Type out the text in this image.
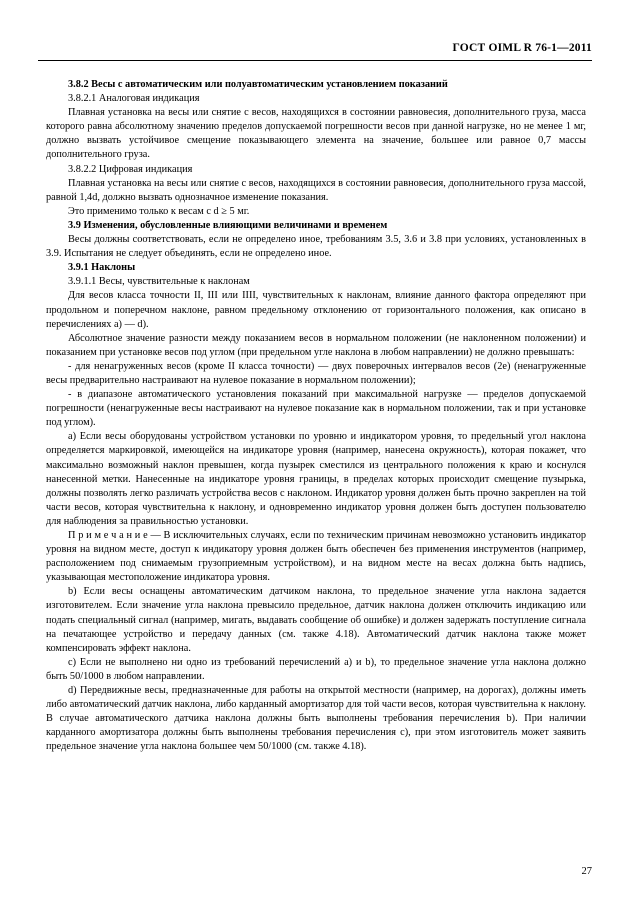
ГОСТ OIML R 76-1—2011

3.8.2 Весы с автоматическим или полуавтоматическим установлением показаний

3.8.2.1 Аналоговая индикация

Плавная установка на весы или снятие с весов, находящихся в состоянии равновесия, дополнительного груза, масса которого равна абсолютному значению пределов допускаемой погрешности весов при данной нагрузке, но не менее 1 мг, должно вызвать устойчивое смещение показывающего элемента на значение, большее или равное 0,7 массы дополнительного груза.

3.8.2.2 Цифровая индикация

Плавная установка на весы или снятие с весов, находящихся в состоянии равновесия, дополнительного груза массой, равной 1,4d, должно вызвать однозначное изменение показания.

Это применимо только к весам с d ≥ 5 мг.

3.9 Изменения, обусловленные влияющими величинами и временем

Весы должны соответствовать, если не определено иное, требованиям 3.5, 3.6 и 3.8 при условиях, установленных в 3.9. Испытания не следует объединять, если не определено иное.

3.9.1 Наклоны

3.9.1.1 Весы, чувствительные к наклонам

Для весов класса точности II, III или IIII, чувствительных к наклонам, влияние данного фактора определяют при продольном и поперечном наклоне, равном предельному отклонению от горизонтального положения, как описано в перечислениях а) — d).

Абсолютное значение разности между показанием весов в нормальном положении (не наклоненном положении) и показанием при установке весов под углом (при предельном угле наклона в любом направлении) не должно превышать:

- для ненагруженных весов (кроме II класса точности) — двух поверочных интервалов весов (2e) (ненагруженные весы предварительно настраивают на нулевое показание в нормальном положении);

- в диапазоне автоматического установления показаний при максимальной нагрузке — пределов допускаемой погрешности (ненагруженные весы настраивают на нулевое показание как в нормальном положении, так и при установке под углом).

а) Если весы оборудованы устройством установки по уровню и индикатором уровня, то предельный угол наклона определяется маркировкой, имеющейся на индикаторе уровня (например, нанесена окружность), которая покажет, что максимально возможный наклон превышен, когда пузырек сместился из центрального положения к краю и коснулся нанесенной метки. Нанесенные на индикаторе уровня границы, в пределах которых происходит смещение пузырька, должны позволять легко различать устройства весов с наклоном. Индикатор уровня должен быть прочно закреплен на той части весов, которая чувствительна к наклону, и одновременно индикатор уровня должен быть доступен пользователю для наблюдения за правильностью установки.

П р и м е ч а н и е — В исключительных случаях, если по техническим причинам невозможно установить индикатор уровня на видном месте, доступ к индикатору уровня должен быть обеспечен без применения инструментов (например, расположением под снимаемым грузоприемным устройством), и на видном месте на весах должна быть надпись, указывающая местоположение индикатора уровня.

b) Если весы оснащены автоматическим датчиком наклона, то предельное значение угла наклона задается изготовителем. Если значение угла наклона превысило предельное, датчик наклона должен отключить индикацию или подать специальный сигнал (например, мигать, выдавать сообщение об ошибке) и должен задержать поступление сигнала на печатающее устройство и передачу данных (см. также 4.18). Автоматический датчик наклона также может компенсировать эффект наклона.

c) Если не выполнено ни одно из требований перечислений а) и b), то предельное значение угла наклона должно быть 50/1000 в любом направлении.

d) Передвижные весы, предназначенные для работы на открытой местности (например, на дорогах), должны иметь либо автоматический датчик наклона, либо карданный амортизатор для той части весов, которая чувствительна к наклону. В случае автоматического датчика наклона должны быть выполнены требования перечисления b). При наличии карданного амортизатора должны быть выполнены требования перечисления с), при этом изготовитель может заявить предельное значение угла наклона большее чем 50/1000 (см. также 4.18).

27
